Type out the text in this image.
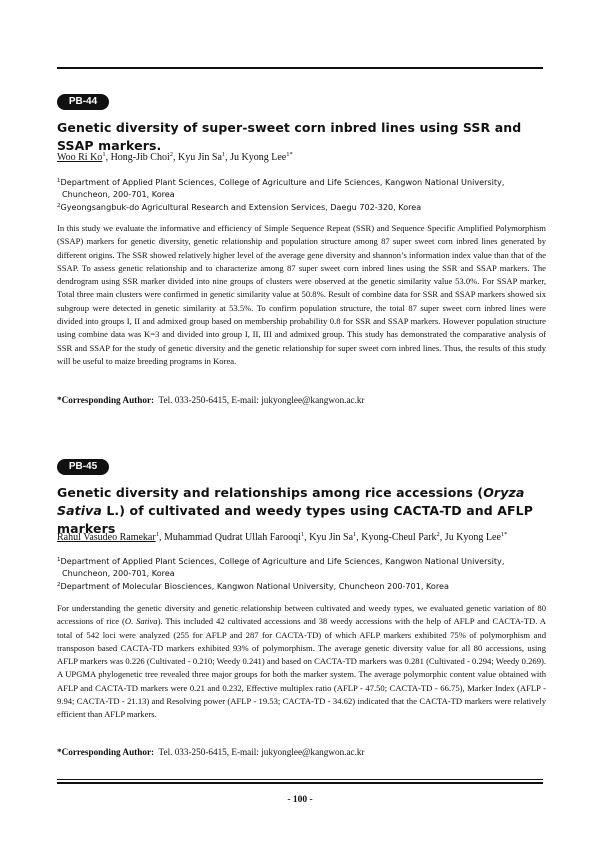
PB-44
Genetic diversity of super-sweet corn inbred lines using SSR and SSAP markers.
Woo Ri Ko$^1$, Hong-Jib Choi$^2$, Kyu Jin Sa$^1$, Ju Kyong Lee$^{1*}$
$^1$Department of Applied Plant Sciences, College of Agriculture and Life Sciences, Kangwon National University,
Chuncheon, 200-701, Korea
$^2$Gyeongsangbuk-do Agricultural Research and Extension Services, Daegu 702-320, Korea
In this study we evaluate the informative and efficiency of Simple Sequence Repeat (SSR) and Sequence Specific Amplified Polymorphism (SSAP) markers for genetic diversity, genetic relationship and population structure among 87 super sweet corn inbred lines generated by different origins. The SSR showed relatively higher level of the average gene diversity and shannon’s information index value than that of the SSAP. To assess genetic relationship and to characterize among 87 super sweet corn inbred lines using the SSR and SSAP markers. The dendrogram using SSR marker divided into nine groups of clusters were observed at the genetic similarity value 53.0%. For SSAP marker, Total three main clusters were confirmed in genetic similarity value at 50.8%. Result of combine data for SSR and SSAP markers showed six subgroup were detected in genetic similarity at 53.5%. To confirm population structure, the total 87 super sweet corn inbred lines were divided into groups I, II and admixed group based on membership probability 0.8 for SSR and SSAP markers. However population structure using combine data was K=3 and divided into group I, II, III and admixed group. This study has demonstrated the comparative analysis of SSR and SSAP for the study of genetic diversity and the genetic relationship for super sweet corn inbred lines. Thus, the results of this study will be useful to maize breeding programs in Korea.
*Corresponding Author: Tel. 033-250-6415, E-mail: jukyonglee@kangwon.ac.kr
PB-45
Genetic diversity and relationships among rice accessions (Oryza Sativa L.) of cultivated and weedy types using CACTA-TD and AFLP markers
Rahul Vasudeo Ramekar$^1$, Muhammad Qudrat Ullah Farooqi$^1$, Kyu Jin Sa$^1$, Kyong-Cheul Park$^2$, Ju Kyong Lee$^{1*}$
$^1$Department of Applied Plant Sciences, College of Agriculture and Life Sciences, Kangwon National University,
Chuncheon, 200-701, Korea
$^2$Department of Molecular Biosciences, Kangwon National University, Chuncheon 200-701, Korea
For understanding the genetic diversity and genetic relationship between cultivated and weedy types, we evaluated genetic variation of 80 accessions of rice (O. Sativa). This included 42 cultivated accessions and 38 weedy accessions with the help of AFLP and CACTA-TD. A total of 542 loci were analyzed (255 for AFLP and 287 for CACTA-TD) of which AFLP markers exhibited 75% of polymorphism and transposon based CACTA-TD markers exhibited 93% of polymorphism. The average genetic diversity value for all 80 accessions, using AFLP markers was 0.226 (Cultivated - 0.210; Weedy 0.241) and based on CACTA-TD markers was 0.281 (Cultivated - 0.294; Weedy 0.269). A UPGMA phylogenetic tree revealed three major groups for both the marker system. The average polymorphic content value obtained with AFLP and CACTA-TD markers were 0.21 and 0.232, Effective multiplex ratio (AFLP - 47.50; CACTA-TD - 66.75), Marker Index (AFLP - 9.94; CACTA-TD - 21.13) and Resolving power (AFLP - 19.53; CACTA-TD - 34.62) indicated that the CACTA-TD markers were relatively efficient than AFLP markers.
*Corresponding Author: Tel. 033-250-6415, E-mail: jukyonglee@kangwon.ac.kr
- 100 -
